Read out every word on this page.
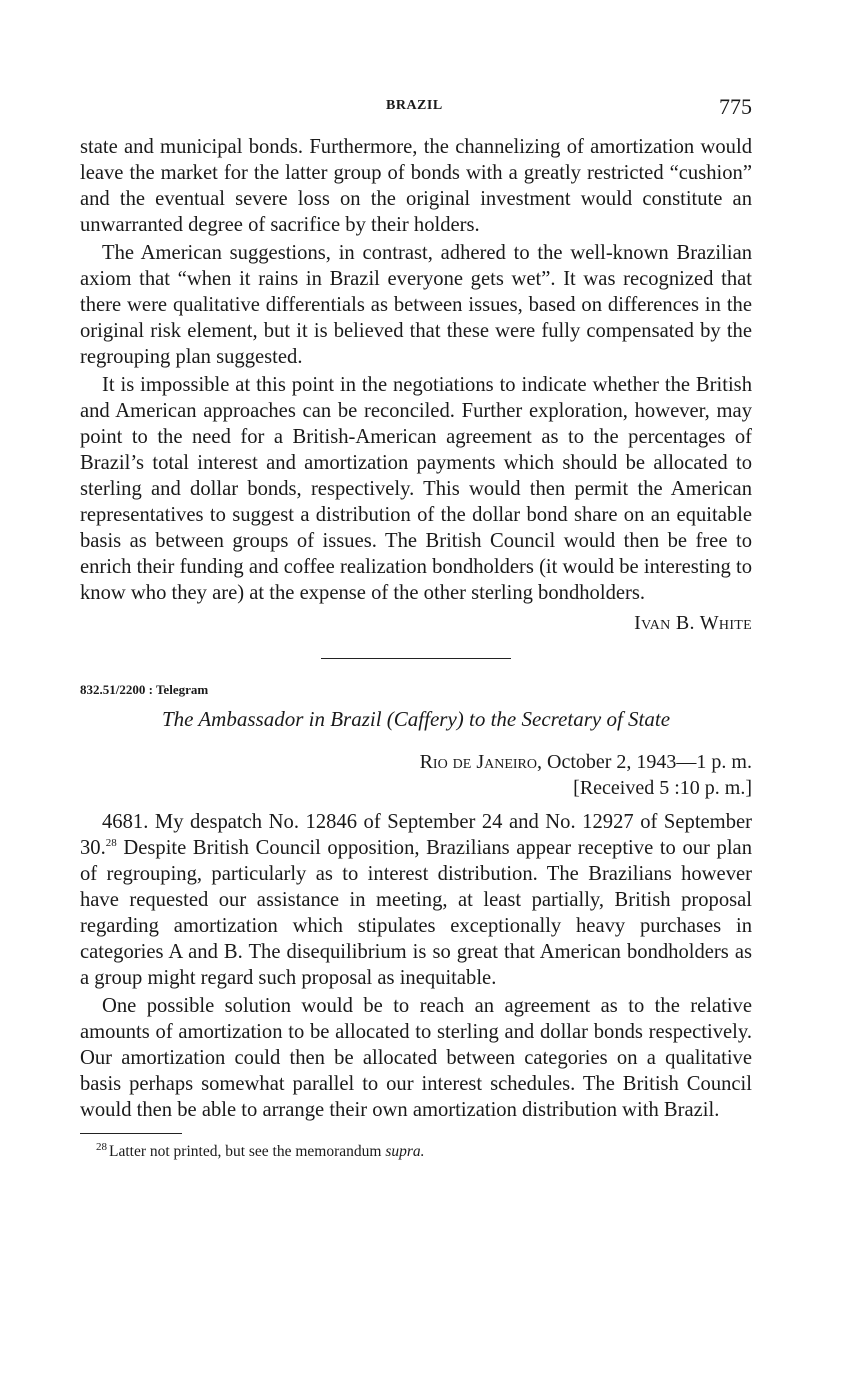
BRAZIL	775

state and municipal bonds. Furthermore, the channelizing of amortization would leave the market for the latter group of bonds with a greatly restricted “cushion” and the eventual severe loss on the original investment would constitute an unwarranted degree of sacrifice by their holders.

The American suggestions, in contrast, adhered to the well-known Brazilian axiom that “when it rains in Brazil everyone gets wet”. It was recognized that there were qualitative differentials as between issues, based on differences in the original risk element, but it is believed that these were fully compensated by the regrouping plan suggested.

It is impossible at this point in the negotiations to indicate whether the British and American approaches can be reconciled. Further exploration, however, may point to the need for a British-American agreement as to the percentages of Brazil’s total interest and amortization payments which should be allocated to sterling and dollar bonds, respectively. This would then permit the American representatives to suggest a distribution of the dollar bond share on an equitable basis as between groups of issues. The British Council would then be free to enrich their funding and coffee realization bondholders (it would be interesting to know who they are) at the expense of the other sterling bondholders.

Ivan B. White
832.51/2200 : Telegram
The Ambassador in Brazil (Caffery) to the Secretary of State
Rio de Janeiro, October 2, 1943—1 p. m.
[Received 5 :10 p. m.]

4681. My despatch No. 12846 of September 24 and No. 12927 of September 30.28 Despite British Council opposition, Brazilians appear receptive to our plan of regrouping, particularly as to interest distribution. The Brazilians however have requested our assistance in meeting, at least partially, British proposal regarding amortization which stipulates exceptionally heavy purchases in categories A and B. The disequilibrium is so great that American bondholders as a group might regard such proposal as inequitable.

One possible solution would be to reach an agreement as to the relative amounts of amortization to be allocated to sterling and dollar bonds respectively. Our amortization could then be allocated between categories on a qualitative basis perhaps somewhat parallel to our interest schedules. The British Council would then be able to arrange their own amortization distribution with Brazil.

$^{28}$ Latter not printed, but see the memorandum supra.
